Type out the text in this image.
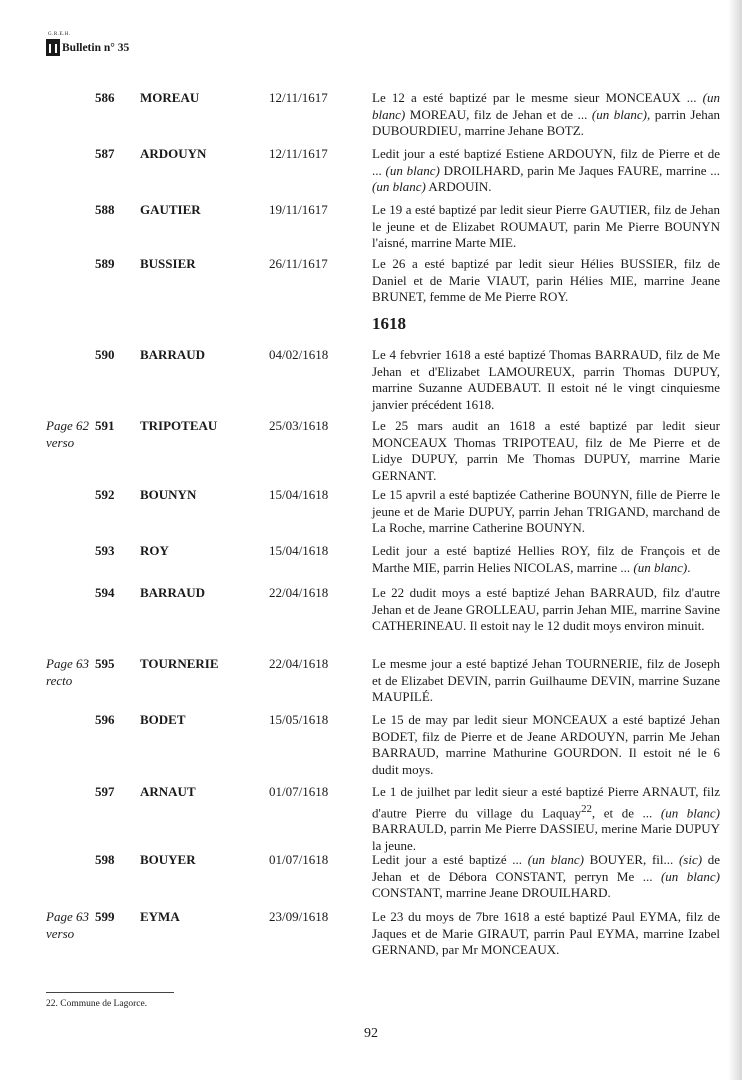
G.R.E.H.
Bulletin n° 35
1618
586	MOREAU	12/11/1617	Le 12 a esté baptizé par le mesme sieur MONCEAUX ... (un blanc) MOREAU, filz de Jehan et de ... (un blanc), parrin Jehan DUBOURDIEU, marrine Jehane BOTZ.
587	ARDOUYN	12/11/1617	Ledit jour a esté baptizé Estiene ARDOUYN, filz de Pierre et de ... (un blanc) DROILHARD, parin Me Jaques FAURE, marrine ... (un blanc) ARDOUIN.
588	GAUTIER	19/11/1617	Le 19 a esté baptizé par ledit sieur Pierre GAUTIER, filz de Jehan le jeune et de Elizabet ROUMAUT, parin Me Pierre BOUNYN l'aisné, marrine Marte MIE.
589	BUSSIER	26/11/1617	Le 26 a esté baptizé par ledit sieur Hélies BUSSIER, filz de Daniel et de Marie VIAUT, parin Hélies MIE, marrine Jeane BRUNET, femme de Me Pierre ROY.
590	BARRAUD	04/02/1618	Le 4 febvrier 1618 a esté baptizé Thomas BARRAUD, filz de Me Jehan et d'Elizabet LAMOUREUX, parrin Thomas DUPUY, marrine Suzanne AUDEBAUT. Il estoit né le vingt cinquiesme janvier précédent 1618.
Page 62
verso
591	TRIPOTEAU	25/03/1618	Le 25 mars audit an 1618 a esté baptizé par ledit sieur MONCEAUX Thomas TRIPOTEAU, filz de Me Pierre et de Lidye DUPUY, parrin Me Thomas DUPUY, marrine Marie GERNANT.
592	BOUNYN	15/04/1618	Le 15 apvril a esté baptizée Catherine BOUNYN, fille de Pierre le jeune et de Marie DUPUY, parrin Jehan TRIGAND, marchand de La Roche, marrine Catherine BOUNYN.
593	ROY	15/04/1618	Ledit jour a esté baptizé Hellies ROY, filz de François et de Marthe MIE, parrin Helies NICOLAS, marrine ... (un blanc).
594	BARRAUD	22/04/1618	Le 22 dudit moys a esté baptizé Jehan BARRAUD, filz d'autre Jehan et de Jeane GROLLEAU, parrin Jehan MIE, marrine Savine CATHERINEAU. Il estoit nay le 12 dudit moys environ minuit.
Page 63
recto
595	TOURNERIE	22/04/1618	Le mesme jour a esté baptizé Jehan TOURNERIE, filz de Joseph et de Elizabet DEVIN, parrin Guilhaume DEVIN, marrine Suzane MAUPILÉ.
596	BODET	15/05/1618	Le 15 de may par ledit sieur MONCEAUX a esté baptizé Jehan BODET, filz de Pierre et de Jeane ARDOUYN, parrin Me Jehan BARRAUD, marrine Mathurine GOURDON. Il estoit né le 6 dudit moys.
597	ARNAUT	01/07/1618	Le 1 de juilhet par ledit sieur a esté baptizé Pierre ARNAUT, filz d'autre Pierre du village du Laquay$^{22}$, et de ... (un blanc) BARRAULD, parrin Me Pierre DASSIEU, merine Marie DUPUY la jeune.
598	BOUYER	01/07/1618	Ledit jour a esté baptizé ... (un blanc) BOUYER, fil... (sic) de Jehan et de Débora CONSTANT, perryn Me ... (un blanc) CONSTANT, marrine Jeane DROUILHARD.
Page 63
verso
599	EYMA	23/09/1618	Le 23 du moys de 7bre 1618 a esté baptizé Paul EYMA, filz de Jaques et de Marie GIRAUT, parrin Paul EYMA, marrine Izabel GERNAND, par Mr MONCEAUX.
22. Commune de Lagorce.
92
